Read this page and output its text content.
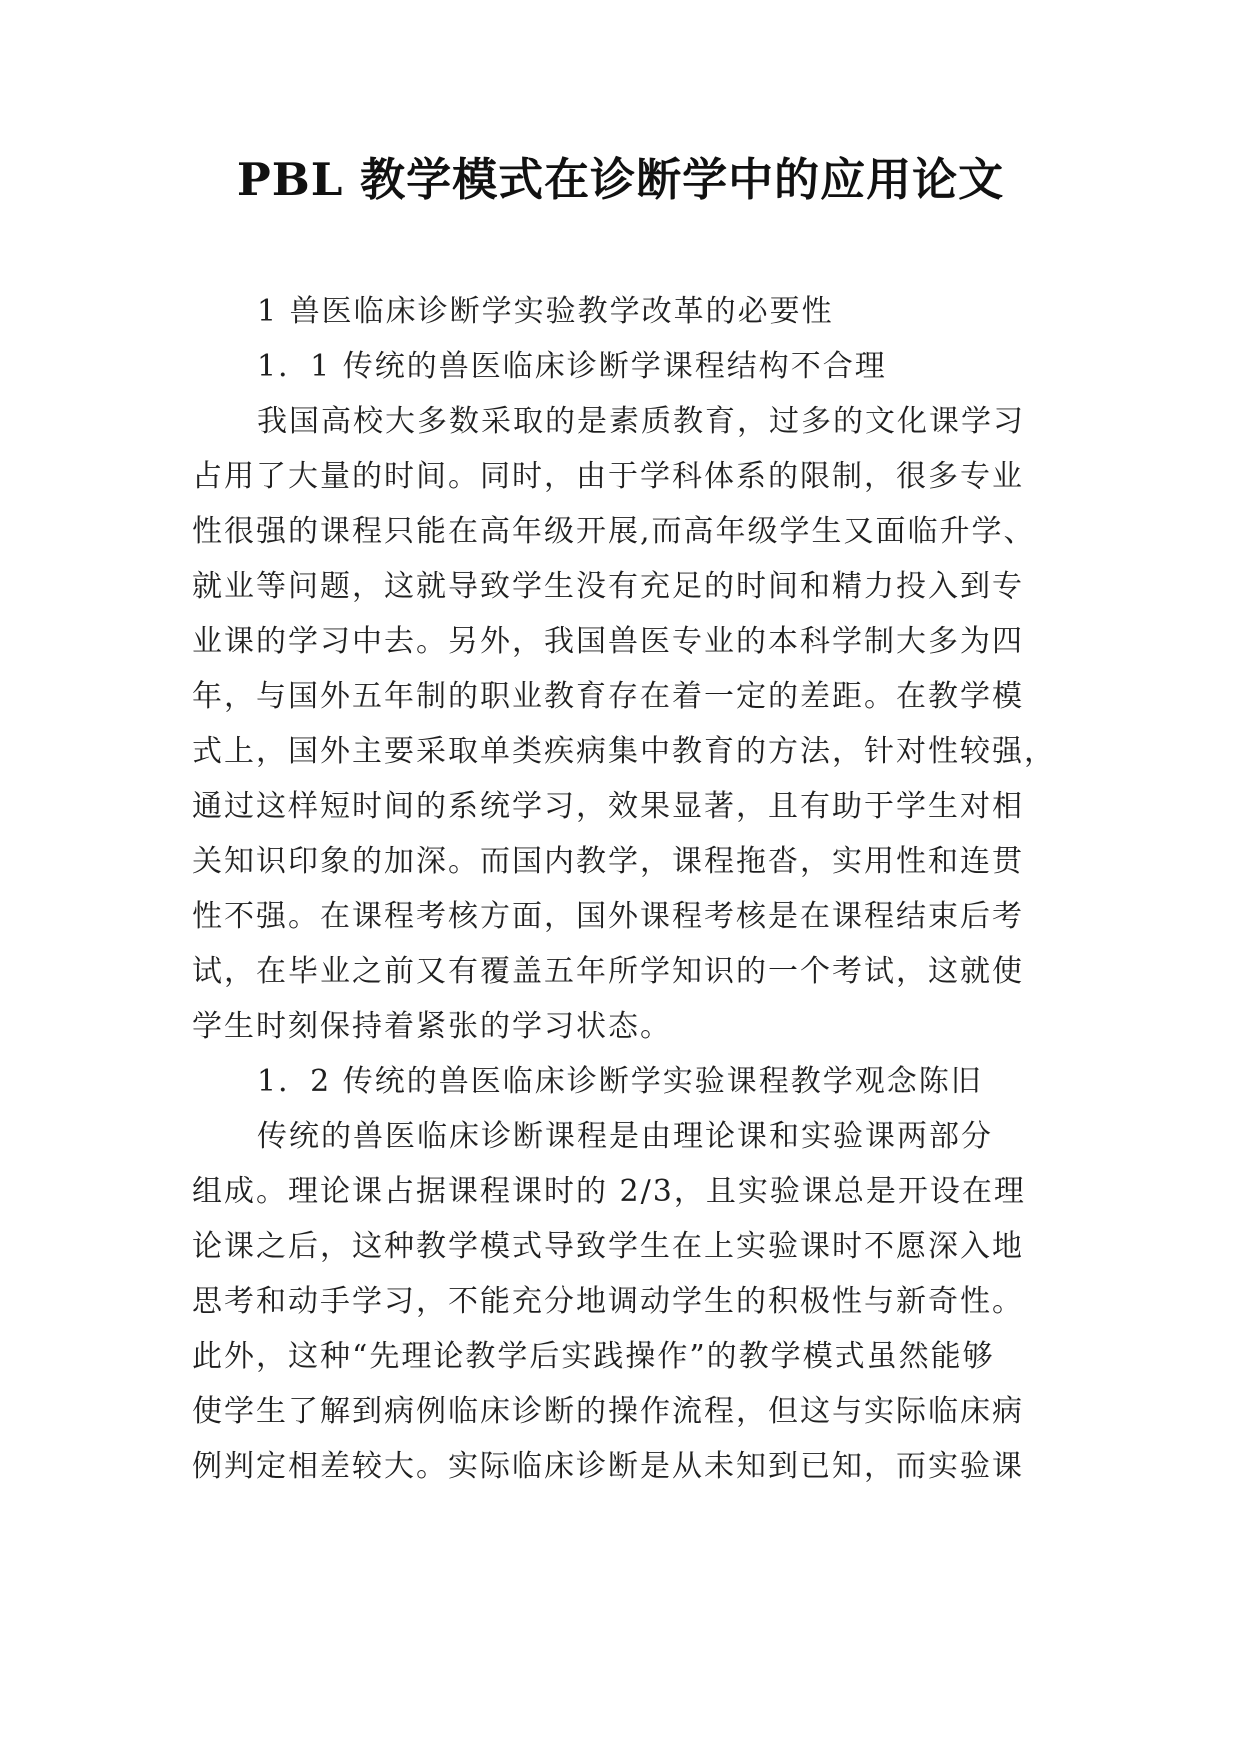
PBL 教学模式在诊断学中的应用论文
1 兽医临床诊断学实验教学改革的必要性
1．1 传统的兽医临床诊断学课程结构不合理
我国高校大多数采取的是素质教育，过多的文化课学习
占用了大量的时间。同时，由于学科体系的限制，很多专业
性很强的课程只能在高年级开展,而高年级学生又面临升学、
就业等问题，这就导致学生没有充足的时间和精力投入到专
业课的学习中去。另外，我国兽医专业的本科学制大多为四
年，与国外五年制的职业教育存在着一定的差距。在教学模
式上，国外主要采取单类疾病集中教育的方法，针对性较强，
通过这样短时间的系统学习，效果显著，且有助于学生对相
关知识印象的加深。而国内教学，课程拖沓，实用性和连贯
性不强。在课程考核方面，国外课程考核是在课程结束后考
试，在毕业之前又有覆盖五年所学知识的一个考试，这就使
学生时刻保持着紧张的学习状态。
1．2 传统的兽医临床诊断学实验课程教学观念陈旧
传统的兽医临床诊断课程是由理论课和实验课两部分
组成。理论课占据课程课时的 2/3，且实验课总是开设在理
论课之后，这种教学模式导致学生在上实验课时不愿深入地
思考和动手学习，不能充分地调动学生的积极性与新奇性。
此外，这种“先理论教学后实践操作”的教学模式虽然能够
使学生了解到病例临床诊断的操作流程，但这与实际临床病
例判定相差较大。实际临床诊断是从未知到已知，而实验课
